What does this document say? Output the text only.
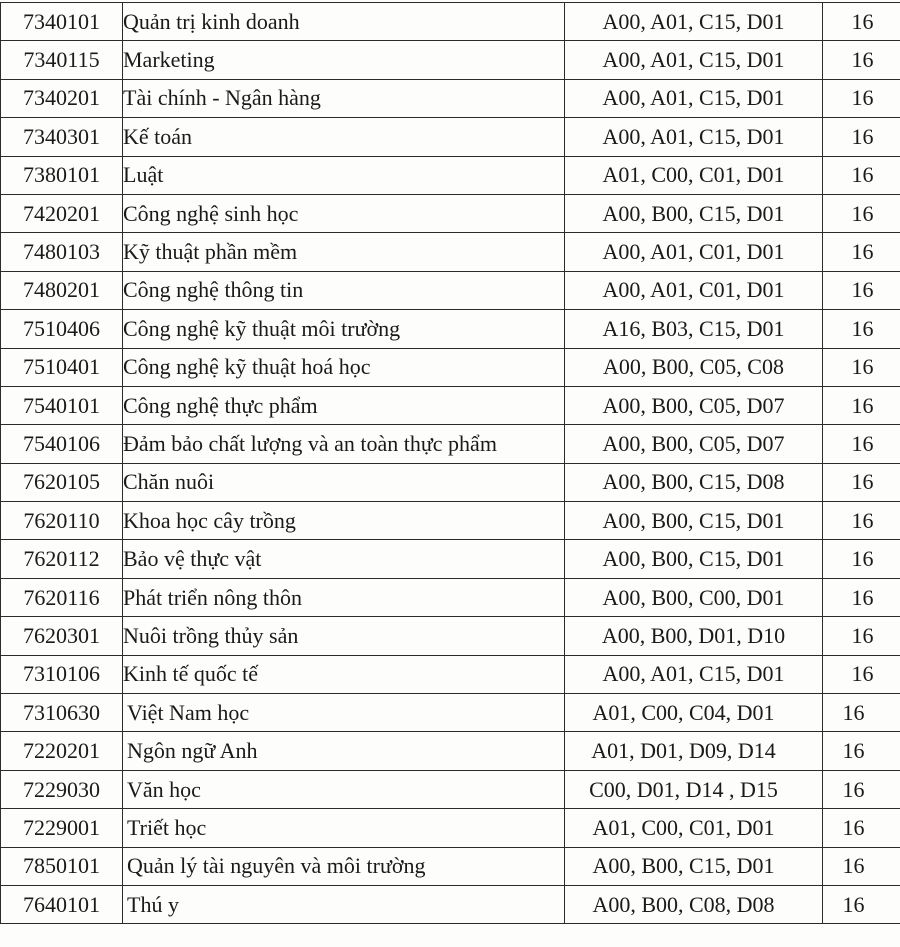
7340101	Quản trị kinh doanh	A00, A01, C15, D01	16
7340115	Marketing	A00, A01, C15, D01	16
7340201	Tài chính - Ngân hàng	A00, A01, C15, D01	16
7340301	Kế toán	A00, A01, C15, D01	16
7380101	Luật	A01, C00, C01, D01	16
7420201	Công nghệ sinh học	A00, B00, C15, D01	16
7480103	Kỹ thuật phần mềm	A00, A01, C01, D01	16
7480201	Công nghệ thông tin	A00, A01, C01, D01	16
7510406	Công nghệ kỹ thuật môi trường	A16, B03, C15, D01	16
7510401	Công nghệ kỹ thuật hoá học	A00, B00, C05, C08	16
7540101	Công nghệ thực phẩm	A00, B00, C05, D07	16
7540106	Đảm bảo chất lượng và an toàn thực phẩm	A00, B00, C05, D07	16
7620105	Chăn nuôi	A00, B00, C15, D08	16
7620110	Khoa học cây trồng	A00, B00, C15, D01	16
7620112	Bảo vệ thực vật	A00, B00, C15, D01	16
7620116	Phát triển nông thôn	A00, B00, C00, D01	16
7620301	Nuôi trồng thủy sản	A00, B00, D01, D10	16
7310106	Kinh tế quốc tế	A00, A01, C15, D01	16
7310630	Việt Nam học	A01, C00, C04, D01	16
7220201	Ngôn ngữ Anh	A01, D01, D09, D14	16
7229030	Văn học	C00, D01, D14 , D15	16
7229001	Triết học	A01, C00, C01, D01	16
7850101	Quản lý tài nguyên và môi trường	A00, B00, C15, D01	16
7640101	Thú y	A00, B00, C08, D08	16
